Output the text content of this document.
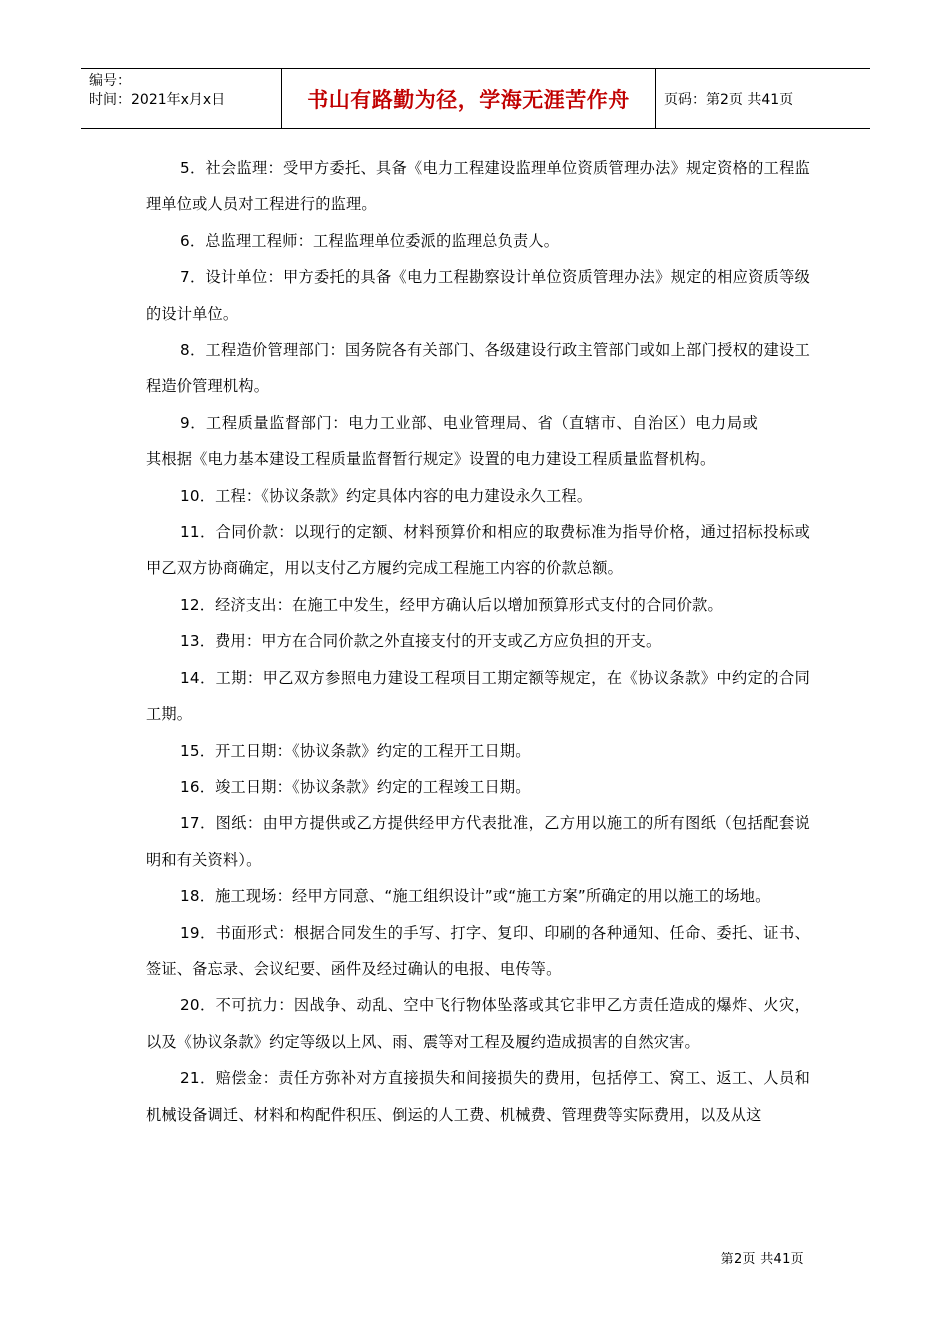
编号：
时间：2021年x月x日	书山有路勤为径，学海无涯苦作舟	页码：第2页 共41页

5．社会监理：受甲方委托、具备《电力工程建设监理单位资质管理办法》规定资格的工程监理单位或人员对工程进行的监理。

6．总监理工程师：工程监理单位委派的监理总负责人。

7．设计单位：甲方委托的具备《电力工程勘察设计单位资质管理办法》规定的相应资质等级的设计单位。

8．工程造价管理部门：国务院各有关部门、各级建设行政主管部门或如上部门授权的建设工程造价管理机构。

9．工程质量监督部门：电力工业部、电业管理局、省（直辖市、自治区）电力局或其根据《电力基本建设工程质量监督暂行规定》设置的电力建设工程质量监督机构。

10．工程：《协议条款》约定具体内容的电力建设永久工程。

11．合同价款：以现行的定额、材料预算价和相应的取费标准为指导价格，通过招标投标或甲乙双方协商确定，用以支付乙方履约完成工程施工内容的价款总额。

12．经济支出：在施工中发生，经甲方确认后以增加预算形式支付的合同价款。

13．费用：甲方在合同价款之外直接支付的开支或乙方应负担的开支。

14．工期：甲乙双方参照电力建设工程项目工期定额等规定，在《协议条款》中约定的合同工期。

15．开工日期：《协议条款》约定的工程开工日期。

16．竣工日期：《协议条款》约定的工程竣工日期。

17．图纸：由甲方提供或乙方提供经甲方代表批准，乙方用以施工的所有图纸（包括配套说明和有关资料）。

18．施工现场：经甲方同意、“施工组织设计”或“施工方案”所确定的用以施工的场地。

19．书面形式：根据合同发生的手写、打字、复印、印刷的各种通知、任命、委托、证书、签证、备忘录、会议纪要、函件及经过确认的电报、电传等。

20．不可抗力：因战争、动乱、空中飞行物体坠落或其它非甲乙方责任造成的爆炸、火灾，以及《协议条款》约定等级以上风、雨、震等对工程及履约造成损害的自然灾害。

21．赔偿金：责任方弥补对方直接损失和间接损失的费用，包括停工、窝工、返工、人员和机械设备调迁、材料和构配件积压、倒运的人工费、机械费、管理费等实际费用，以及从这

第2页 共41页
